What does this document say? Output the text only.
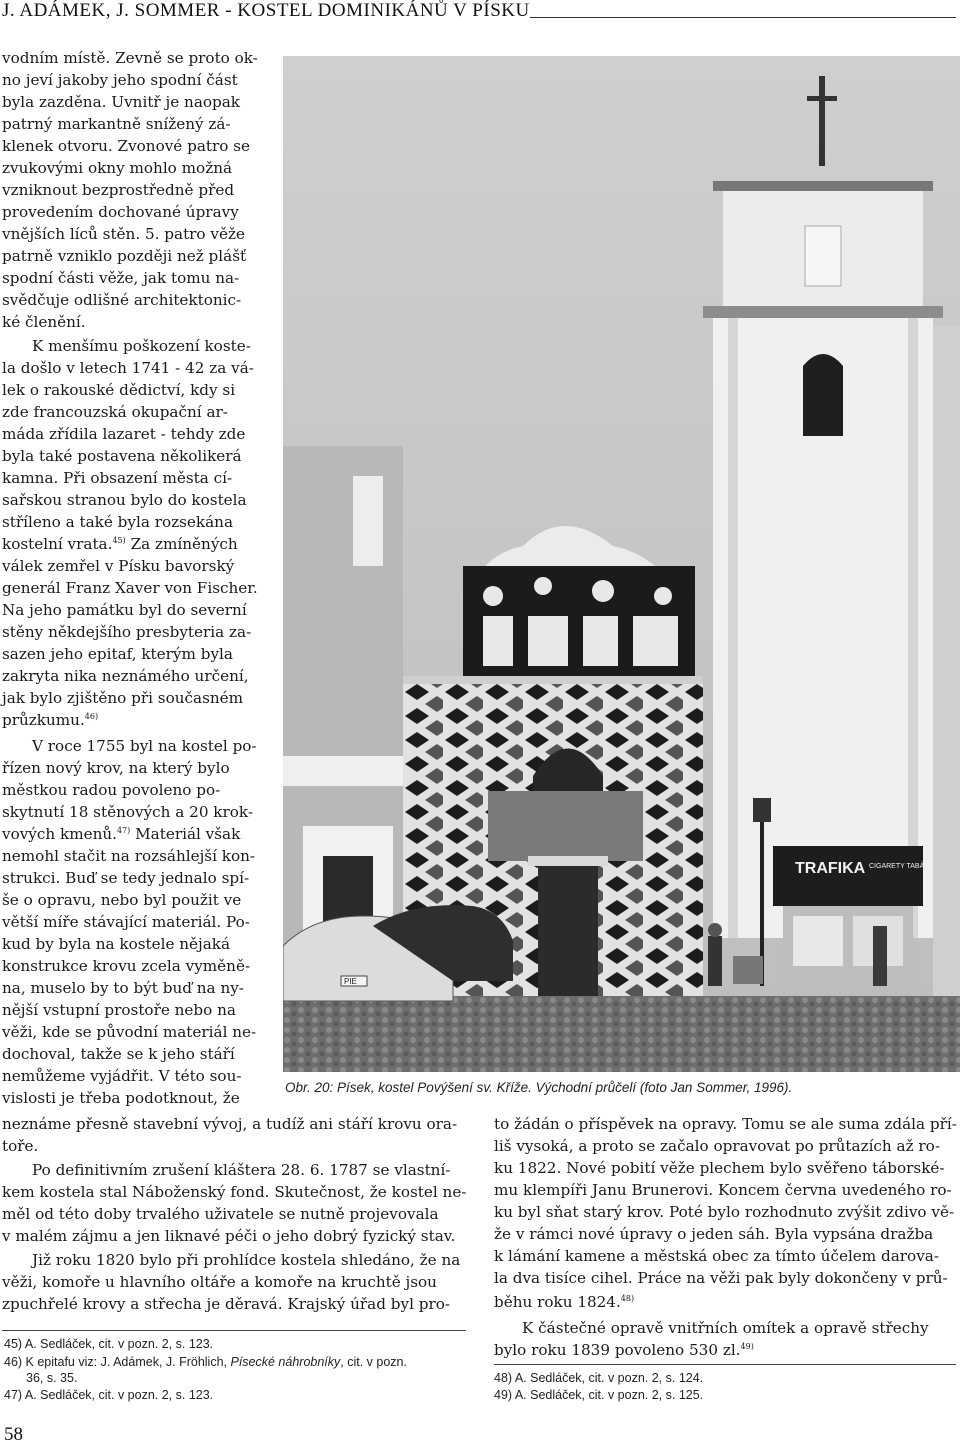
J. ADÁMEK, J. SOMMER - KOSTEL DOMINIKÁNŮ V PÍSKU
vodním místě. Zevně se proto ok-
no jeví jakoby jeho spodní část
byla zazděna. Uvnitř je naopak
patrný markantně snížený zá-
klenek otvoru. Zvonové patro se
zvukovými okny mohlo možná
vzniknout bezprostředně před
provedením dochované úpravy
vnějších líců stěn. 5. patro věže
patrně vzniklo později než plášť
spodní části věže, jak tomu na-
svědčuje odlišné architektonic-
ké členění.
K menšímu poškození koste-
la došlo v letech 1741 - 42 za vá-
lek o rakouské dědictví, kdy si
zde francouzská okupační ar-
máda zřídila lazaret - tehdy zde
byla také postavena několikerá
kamna. Při obsazení města cí-
sařskou stranou bylo do kostela
stříleno a také byla rozsekána
kostelní vrata.$^{45)}$ Za zmíněných
válek zemřel v Písku bavorský
generál Franz Xaver von Fischer.
Na jeho památku byl do severní
stěny někdejšího presbyteria za-
sazen jeho epitaf, kterým byla
zakryta nika neznámého určení,
jak bylo zjištěno při současném
průzkumu.$^{46)}$
V roce 1755 byl na kostel po-
řízen nový krov, na který bylo
městkou radou povoleno po-
skytnutí 18 stěnových a 20 krok-
vových kmenů.$^{47)}$ Materiál však
nemohl stačit na rozsáhlejší kon-
strukci. Buď se tedy jednalo spí-
še o opravu, nebo byl použit ve
větší míře stávající materiál. Po-
kud by byla na kostele nějaká
konstrukce krovu zcela vyměně-
na, muselo by to být buď na ny-
nější vstupní prostoře nebo na
věži, kde se původní materiál ne-
dochoval, takže se k jeho stáří
nemůžeme vyjádřit. V této sou-
vislosti je třeba podotknout, že
TRAFIKA CIGARETY TABÁK
PIE
Obr. 20: Písek, kostel Povýšení sv. Kříže. Východní průčelí (foto Jan Sommer, 1996).
neznáme přesně stavební vývoj, a tudíž ani stáří krovu ora-
toře.
Po definitivním zrušení kláštera 28. 6. 1787 se vlastní-
kem kostela stal Náboženský fond. Skutečnost, že kostel ne-
měl od této doby trvalého uživatele se nutně projevovala
v malém zájmu a jen liknavé péči o jeho dobrý fyzický stav.
Již roku 1820 bylo při prohlídce kostela shledáno, že na
věži, komoře u hlavního oltáře a komoře na kruchtě jsou
zpuchřelé krovy a střecha je děravá. Krajský úřad byl pro-
to žádán o příspěvek na opravy. Tomu se ale suma zdála pří-
liš vysoká, a proto se začalo opravovat po průtazích až ro-
ku 1822. Nové pobití věže plechem bylo svěřeno táborské-
mu klempíři Janu Brunerovi. Koncem června uvedeného ro-
ku byl sňat starý krov. Poté bylo rozhodnuto zvýšit zdivo vě-
že v rámci nové úpravy o jeden sáh. Byla vypsána dražba
k lámání kamene a městská obec za tímto účelem darova-
la dva tisíce cihel. Práce na věži pak byly dokončeny v prů-
běhu roku 1824.$^{48)}$
K částečné opravě vnitřních omítek a opravě střechy
bylo roku 1839 povoleno 530 zl.$^{49)}$
45) A. Sedláček, cit. v pozn. 2, s. 123.
46) K epitafu viz: J. Adámek, J. Fröhlich, Písecké náhrobníky, cit. v pozn.
36, s. 35.
47) A. Sedláček, cit. v pozn. 2, s. 123.
48) A. Sedláček, cit. v pozn. 2, s. 124.
49) A. Sedláček, cit. v pozn. 2, s. 125.
58
